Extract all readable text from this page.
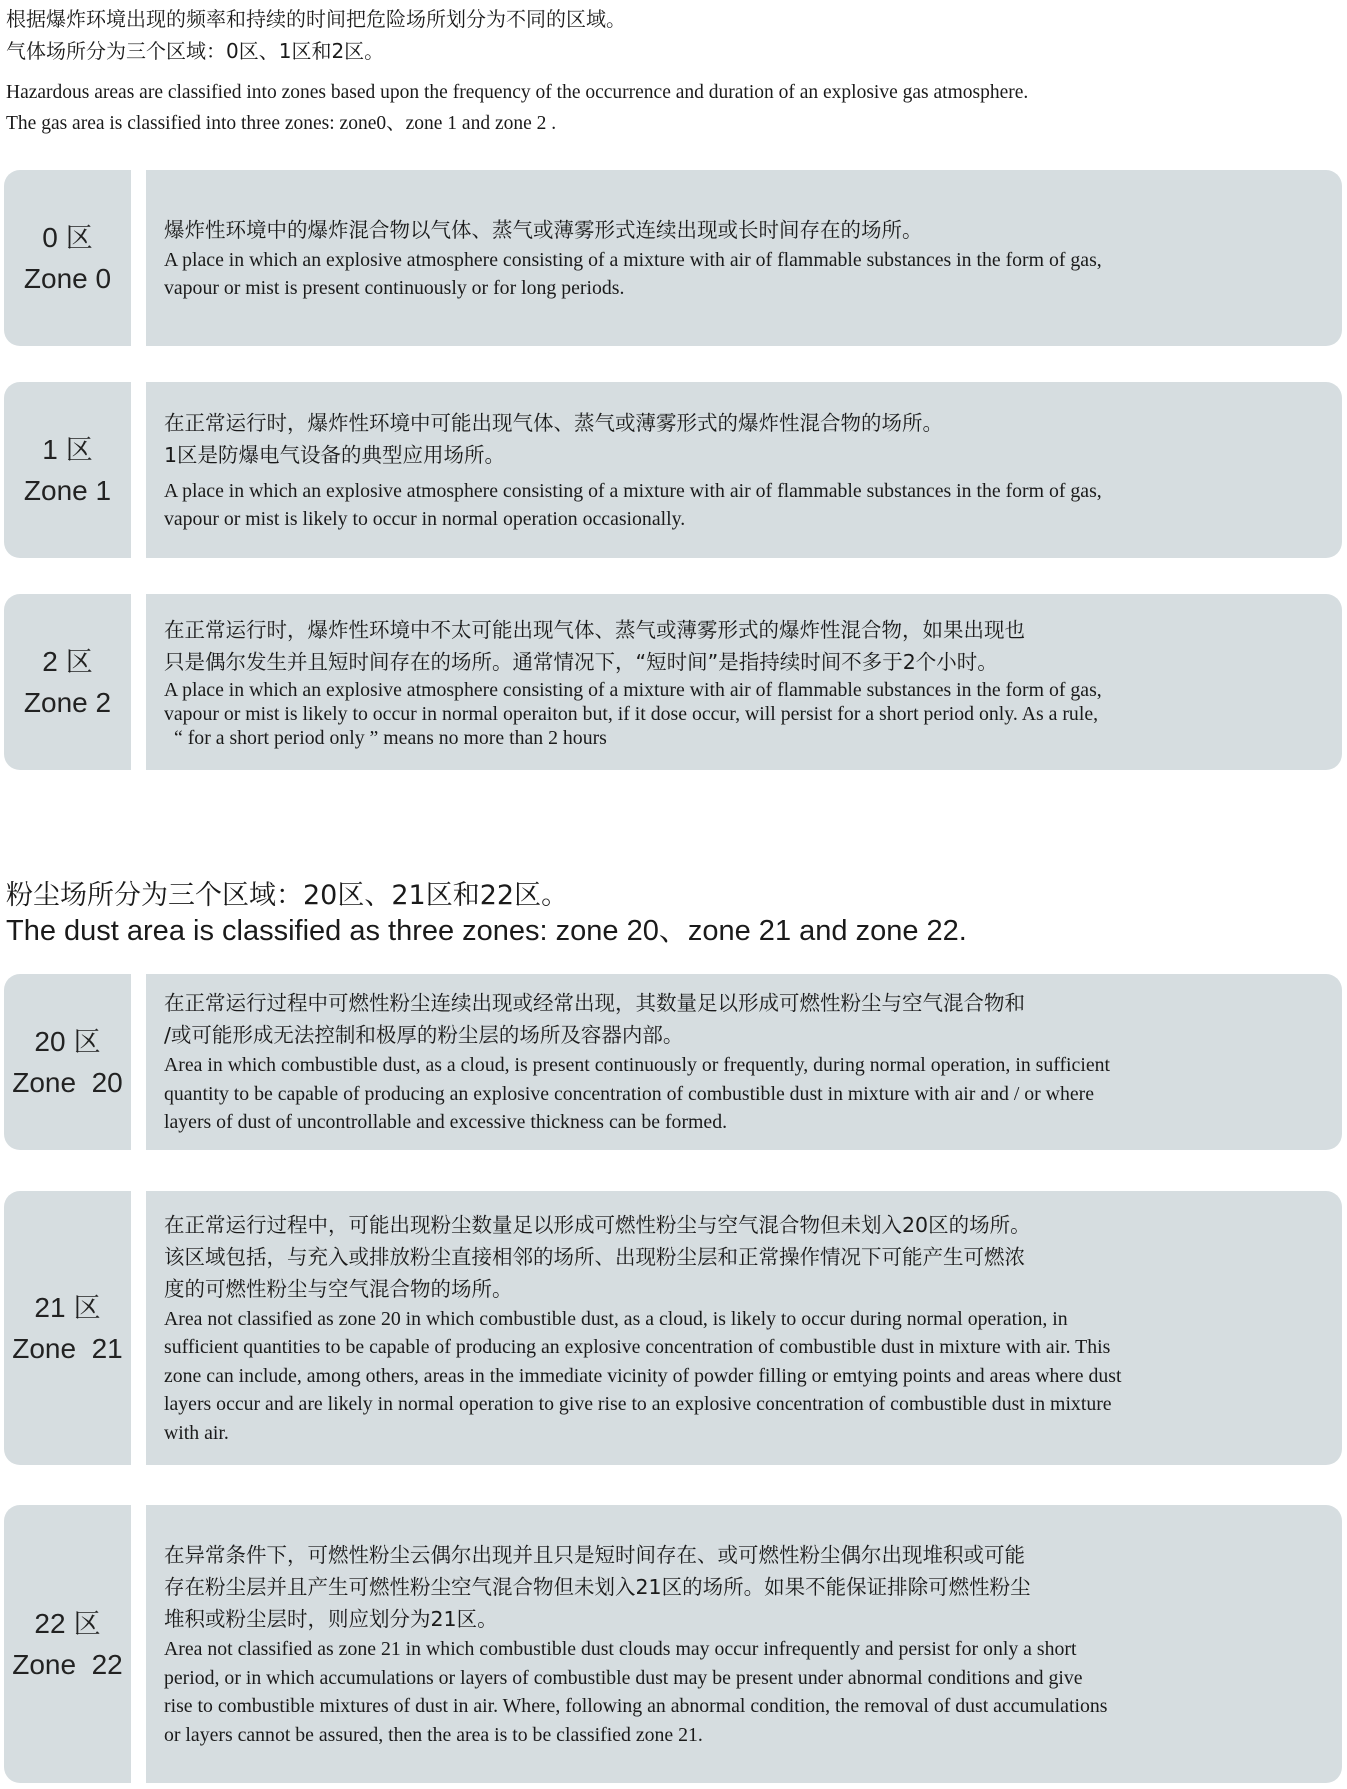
根据爆炸环境出现的频率和持续的时间把危险场所划分为不同的区域。
气体场所分为三个区域：0区、1区和2区。
Hazardous areas are classified into zones based upon the frequency of the occurrence and duration of an explosive gas atmosphere.
The gas area is classified into three zones: zone0、zone 1 and zone 2 .
0 区
Zone 0
爆炸性环境中的爆炸混合物以气体、蒸气或薄雾形式连续出现或长时间存在的场所。
A place in which an explosive atmosphere consisting of a mixture with air of flammable substances in the form of gas,
vapour or mist is present continuously or for long periods.
1 区
Zone 1
在正常运行时，爆炸性环境中可能出现气体、蒸气或薄雾形式的爆炸性混合物的场所。
1区是防爆电气设备的典型应用场所。
A place in which an explosive atmosphere consisting of a mixture with air of flammable substances in the form of gas,
vapour or mist is likely to occur in normal operation occasionally.
2 区
Zone 2
在正常运行时，爆炸性环境中不太可能出现气体、蒸气或薄雾形式的爆炸性混合物，如果出现也
只是偶尔发生并且短时间存在的场所。通常情况下，“短时间”是指持续时间不多于2个小时。
A place in which an explosive atmosphere consisting of a mixture with air of flammable substances in the form of gas,
vapour or mist is likely to occur in normal operaiton but, if it dose occur, will persist for a short period only. As a rule,
“ for a short period only ” means no more than 2 hours
粉尘场所分为三个区域：20区、21区和22区。
The dust area is classified as three zones: zone 20、zone 21 and zone 22.
20 区
Zone  20
在正常运行过程中可燃性粉尘连续出现或经常出现，其数量足以形成可燃性粉尘与空气混合物和
/或可能形成无法控制和极厚的粉尘层的场所及容器内部。
Area in which combustible dust, as a cloud, is present continuously or frequently, during normal operation, in sufficient
quantity to be capable of producing an explosive concentration of combustible dust in mixture with air and / or where
layers of dust of uncontrollable and excessive thickness can be formed.
21 区
Zone  21
在正常运行过程中，可能出现粉尘数量足以形成可燃性粉尘与空气混合物但未划入20区的场所。
该区域包括，与充入或排放粉尘直接相邻的场所、出现粉尘层和正常操作情况下可能产生可燃浓
度的可燃性粉尘与空气混合物的场所。
Area not classified as zone 20 in which combustible dust, as a cloud, is likely to occur during normal operation, in
sufficient quantities to be capable of producing an explosive concentration of combustible dust in mixture with air. This
zone can include, among others, areas in the immediate vicinity of powder filling or emtying points and areas where dust
layers occur and are likely in normal operation to give rise to an explosive concentration of combustible dust in mixture
with air.
22 区
Zone  22
在异常条件下，可燃性粉尘云偶尔出现并且只是短时间存在、或可燃性粉尘偶尔出现堆积或可能
存在粉尘层并且产生可燃性粉尘空气混合物但未划入21区的场所。如果不能保证排除可燃性粉尘
堆积或粉尘层时，则应划分为21区。
Area not classified as zone 21 in which combustible dust clouds may occur infrequently and persist for only a short
period, or in which accumulations or layers of combustible dust may be present under abnormal conditions and give
rise to combustible mixtures of dust in air. Where, following an abnormal condition, the removal of dust accumulations
or layers cannot be assured, then the area is to be classified zone 21.
